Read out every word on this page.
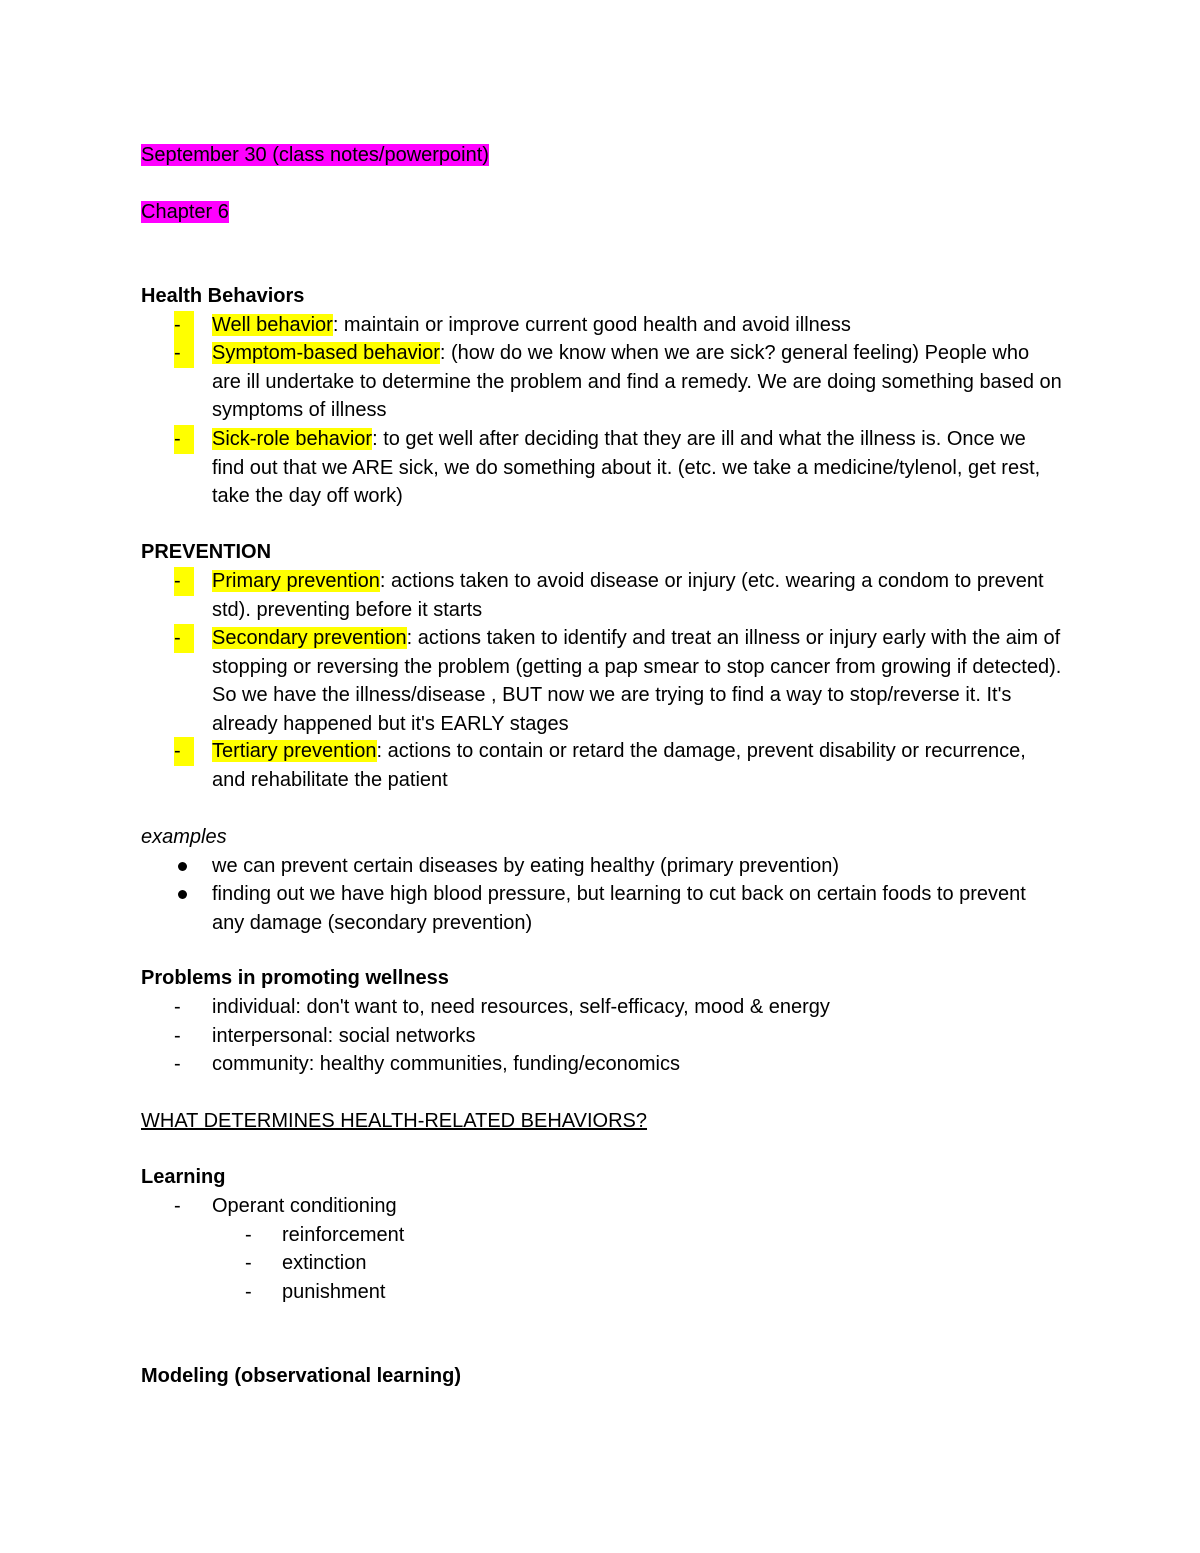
September 30 (class notes/powerpoint)
Chapter 6
Health Behaviors
-	Well behavior: maintain or improve current good health and avoid illness
-	Symptom-based behavior: (how do we know when we are sick? general feeling) People who are ill undertake to determine the problem and find a remedy. We are doing something based on symptoms of illness
-	Sick-role behavior: to get well after deciding that they are ill and what the illness is. Once we find out that we ARE sick, we do something about it. (etc. we take a medicine/tylenol, get rest, take the day off work)
PREVENTION
-	Primary prevention: actions taken to avoid disease or injury (etc. wearing a condom to prevent std). preventing before it starts
-	Secondary prevention: actions taken to identify and treat an illness or injury early with the aim of stopping or reversing the problem (getting a pap smear to stop cancer from growing if detected). So we have the illness/disease , BUT now we are trying to find a way to stop/reverse it. It's already happened but it's EARLY stages
-	Tertiary prevention: actions to contain or retard the damage, prevent disability or recurrence, and rehabilitate the patient
examples
we can prevent certain diseases by eating healthy (primary prevention)
finding out we have high blood pressure, but learning to cut back on certain foods to prevent any damage (secondary prevention)
Problems in promoting wellness
-	individual: don't want to, need resources, self-efficacy, mood & energy
-	interpersonal: social networks
-	community: healthy communities, funding/economics
WHAT DETERMINES HEALTH-RELATED BEHAVIORS?
Learning
-	Operant conditioning
-	reinforcement
-	extinction
-	punishment
Modeling (observational learning)
